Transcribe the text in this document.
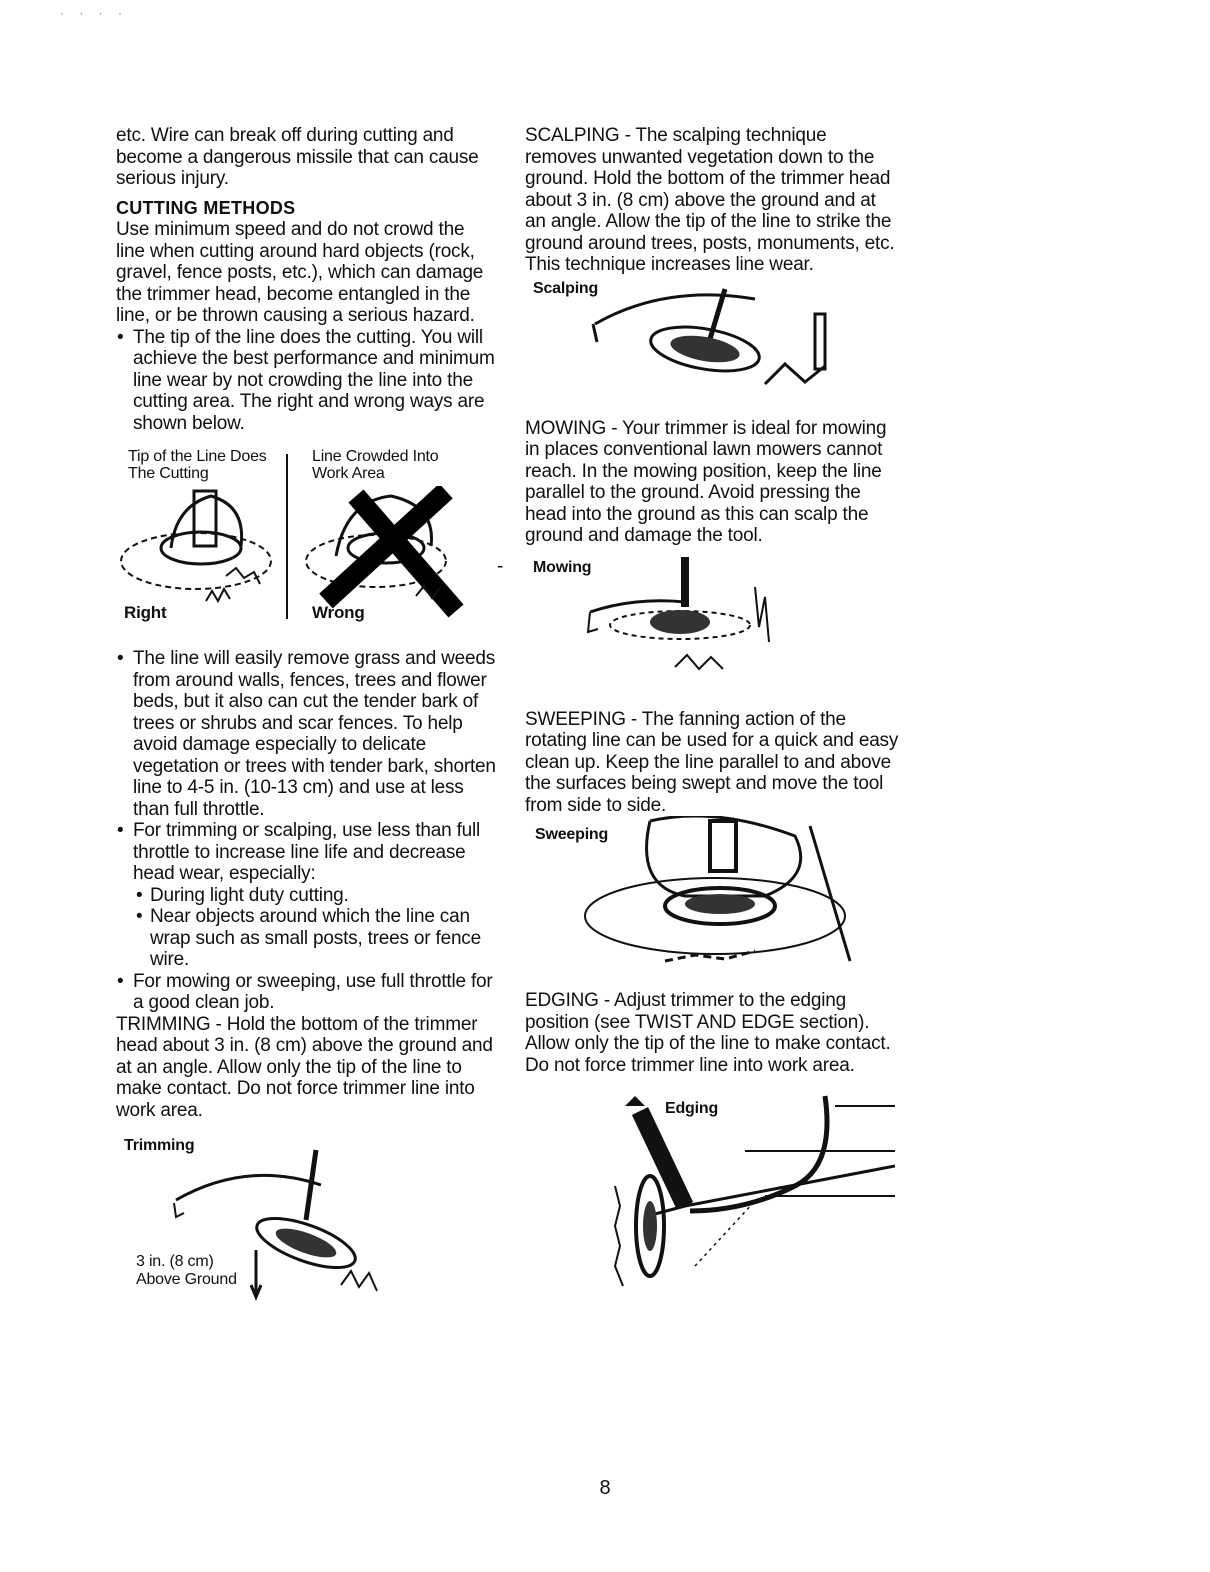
· · · ·

etc. Wire can break off during cutting and become a dangerous missile that can cause serious injury.

CUTTING METHODS

Use minimum speed and do not crowd the line when cutting around hard objects (rock, gravel, fence posts, etc.), which can damage the trimmer head, become entangled in the line, or be thrown causing a serious hazard.

• The tip of the line does the cutting. You will achieve the best performance and minimum line wear by not crowding the line into the cutting area. The right and wrong ways are shown below.
Tip of the Line Does The Cutting
Line Crowded Into Work Area
Right	Wrong
• The line will easily remove grass and weeds from around walls, fences, trees and flower beds, but it also can cut the tender bark of trees or shrubs and scar fences. To help avoid damage especially to delicate vegetation or trees with tender bark, shorten line to 4-5 in. (10-13 cm) and use at less than full throttle.
• For trimming or scalping, use less than full throttle to increase line life and decrease head wear, especially:
• During light duty cutting.
• Near objects around which the line can wrap such as small posts, trees or fence wire.
• For mowing or sweeping, use full throttle for a good clean job.

TRIMMING - Hold the bottom of the trimmer head about 3 in. (8 cm) above the ground and at an angle. Allow only the tip of the line to make contact. Do not force trimmer line into work area.

Trimming
3 in. (8 cm)
Above Ground
-

SCALPING - The scalping technique removes unwanted vegetation down to the ground. Hold the bottom of the trimmer head about 3 in. (8 cm) above the ground and at an angle. Allow the tip of the line to strike the ground around trees, posts, monuments, etc. This technique increases line wear.

Scalping

MOWING - Your trimmer is ideal for mowing in places conventional lawn mowers cannot reach. In the mowing position, keep the line parallel to the ground. Avoid pressing the head into the ground as this can scalp the ground and damage the tool.

Mowing

SWEEPING - The fanning action of the rotating line can be used for a quick and easy clean up. Keep the line parallel to and above the surfaces being swept and move the tool from side to side.

Sweeping

EDGING - Adjust trimmer to the edging position (see TWIST AND EDGE section). Allow only the tip of the line to make contact. Do not force trimmer line into work area.

Edging
8
